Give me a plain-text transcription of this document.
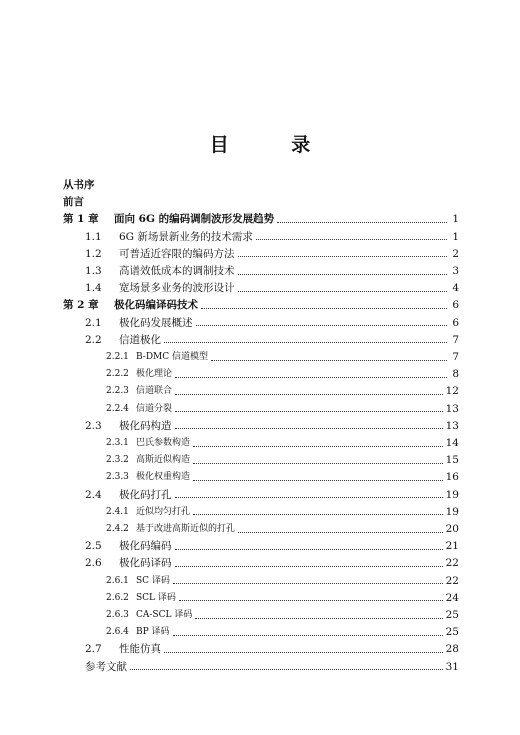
目 录
从书序
前言
第 1 章	面向 6G 的编码调制波形发展趋势	1
1.1	6G 新场景新业务的技术需求	1
1.2	可普适近容限的编码方法	2
1.3	高谱效低成本的调制技术	3
1.4	宽场景多业务的波形设计	4
第 2 章	极化码编译码技术	6
2.1	极化码发展概述	6
2.2	信道极化	7
2.2.1 B-DMC 信道模型	7
2.2.2 极化理论	8
2.2.3 信道联合	12
2.2.4 信道分裂	13
2.3	极化码构造	13
2.3.1 巴氏参数构造	14
2.3.2 高斯近似构造	15
2.3.3 极化权重构造	16
2.4	极化码打孔	19
2.4.1 近似均匀打孔	19
2.4.2 基于改进高斯近似的打孔	20
2.5	极化码编码	21
2.6	极化码译码	22
2.6.1 SC 译码	22
2.6.2 SCL 译码	24
2.6.3 CA-SCL 译码	25
2.6.4 BP 译码	25
2.7	性能仿真	28
参考文献	31
